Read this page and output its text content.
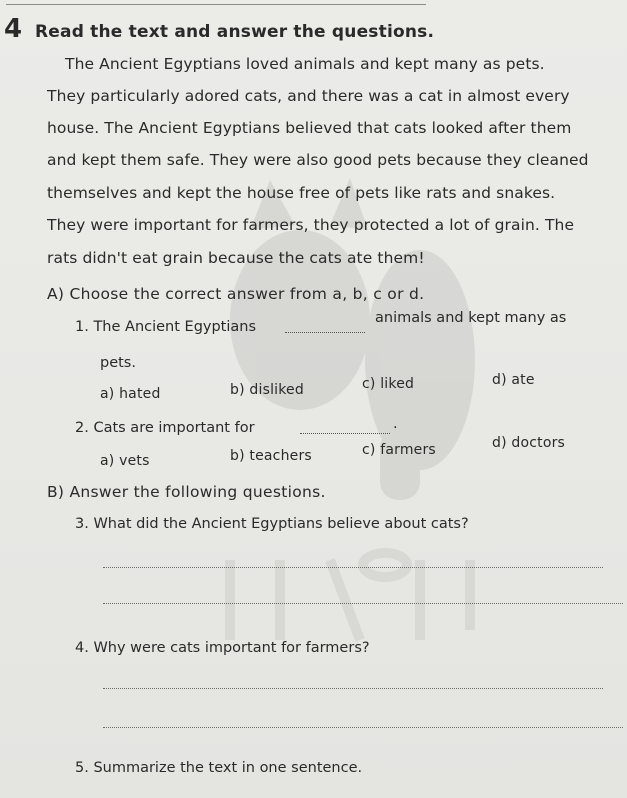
4 Read the text and answer the questions.
The Ancient Egyptians loved animals and kept many as pets.
They particularly adored cats, and there was a cat in almost every
house. The Ancient Egyptians believed that cats looked after them
and kept them safe. They were also good pets because they cleaned
themselves and kept the house free of pets like rats and snakes.
They were important for farmers, they protected a lot of grain. The
rats didn't eat grain because the cats ate them!
A) Choose the correct answer from a, b, c or d.
1. The Ancient Egyptians
animals and kept many as
pets.
a) hated	b) disliked	c) liked	d) ate
2. Cats are important for	.
a) vets	b) teachers	c) farmers	d) doctors
B) Answer the following questions.
3. What did the Ancient Egyptians believe about cats?
4. Why were cats important for farmers?
5. Summarize the text in one sentence.
